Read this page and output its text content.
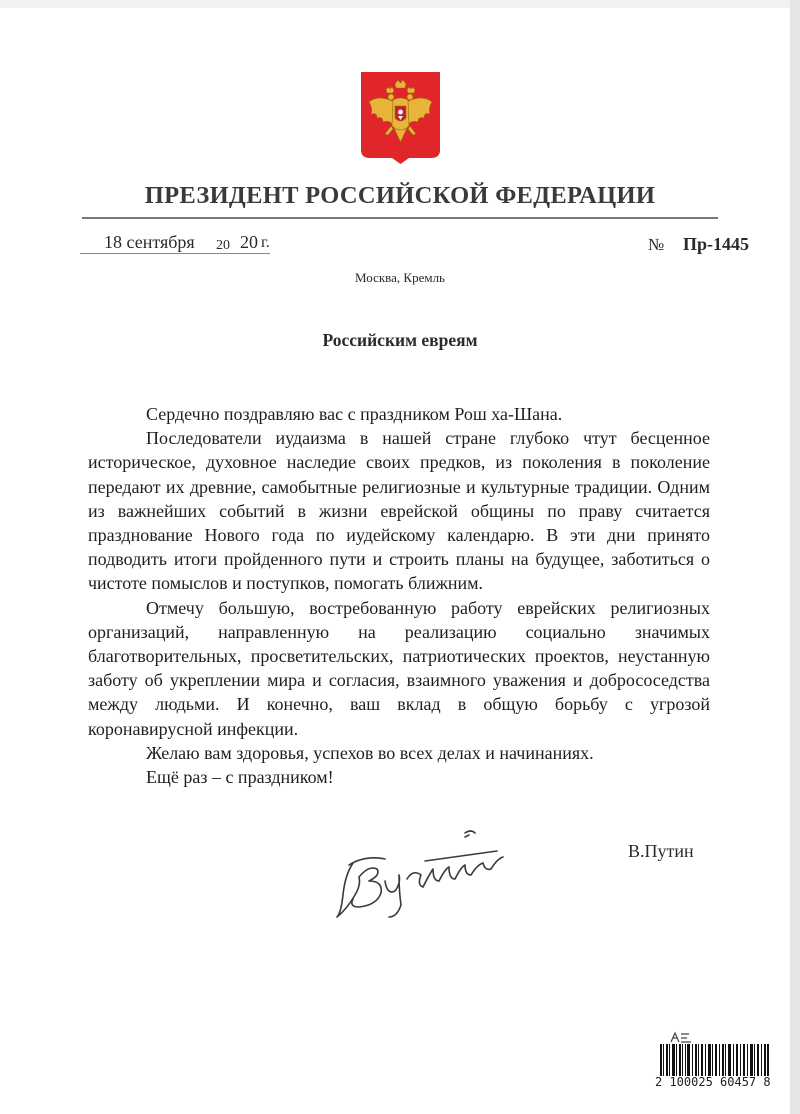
ПРЕЗИДЕНТ РОССИЙСКОЙ ФЕДЕРАЦИИ
18 сентября 20 20 г.	№ Пр-1445
Москва, Кремль
Российским евреям

Сердечно поздравляю вас с праздником Рош ха-Шана.

Последователи иудаизма в нашей стране глубоко чтут бесценное историческое, духовное наследие своих предков, из поколения в поколение передают их древние, самобытные религиозные и культурные традиции. Одним из важнейших событий в жизни еврейской общины по праву считается празднование Нового года по иудейскому календарю. В эти дни принято подводить итоги пройденного пути и строить планы на будущее, заботиться о чистоте помыслов и поступков, помогать ближним.

Отмечу большую, востребованную работу еврейских религиозных организаций, направленную на реализацию социально значимых благотворительных, просветительских, патриотических проектов, неустанную заботу об укреплении мира и согласия, взаимного уважения и добрососедства между людьми. И конечно, ваш вклад в общую борьбу с угрозой коронавирусной инфекции.

Желаю вам здоровья, успехов во всех делах и начинаниях.

Ещё раз – с праздником!

В.Путин
2 100025 60457 8
